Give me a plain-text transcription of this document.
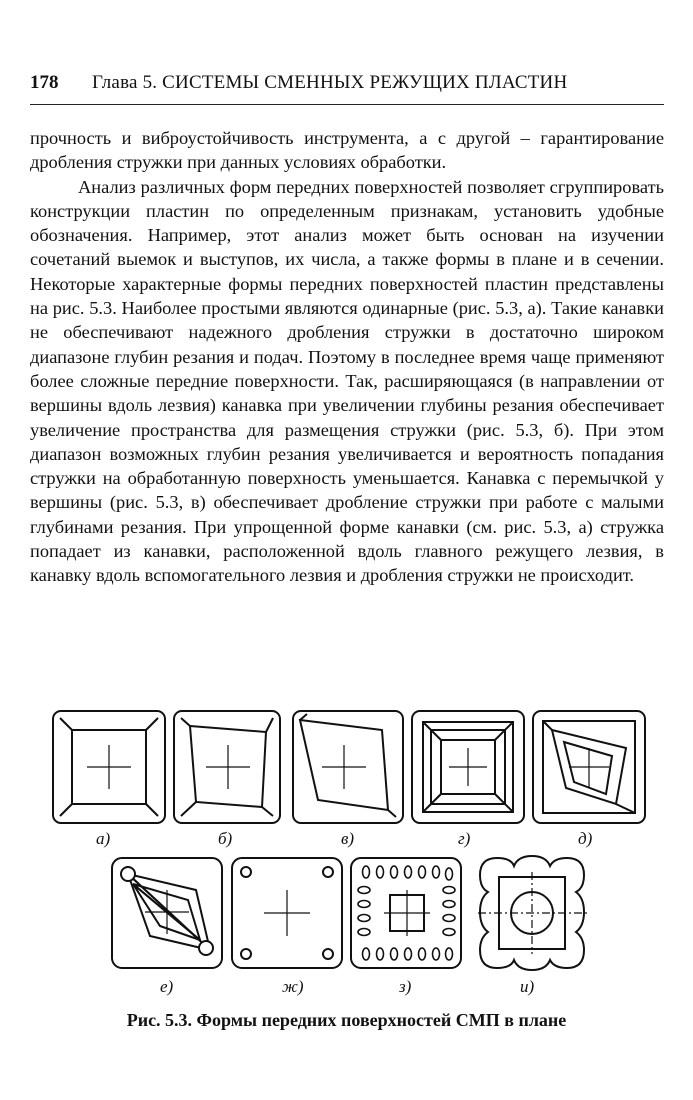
178 Глава 5. СИСТЕМЫ СМЕННЫХ РЕЖУЩИХ ПЛАСТИН

прочность и виброустойчивость инструмента, а с другой – гарантирование дробления стружки при данных условиях обработки.

Анализ различных форм передних поверхностей позволяет сгруппировать конструкции пластин по определенным признакам, установить удобные обозначения. Например, этот анализ может быть основан на изучении сочетаний выемок и выступов, их числа, а также формы в плане и в сечении. Некоторые характерные формы передних поверхностей пластин представлены на рис. 5.3. Наиболее простыми являются одинарные (рис. 5.3, а). Такие канавки не обеспечивают надежного дробления стружки в достаточно широком диапазоне глубин резания и подач. Поэтому в последнее время чаще применяют более сложные передние поверхности. Так, расширяющаяся (в направлении от вершины вдоль лезвия) канавка при увеличении глубины резания обеспечивает увеличение пространства для размещения стружки (рис. 5.3, б). При этом диапазон возможных глубин резания увеличивается и вероятность попадания стружки на обработанную поверхность уменьшается. Канавка с перемычкой у вершины (рис. 5.3, в) обеспечивает дробление стружки при работе с малыми глубинами резания. При упрощенной форме канавки (см. рис. 5.3, а) стружка попадает из канавки, расположенной вдоль главного режущего лезвия, в канавку вдоль вспомогательного лезвия и дробления стружки не происходит.

а)	б)	в)	г)	д)
е)	ж)	з)	и)
Рис. 5.3. Формы передних поверхностей СМП в плане
